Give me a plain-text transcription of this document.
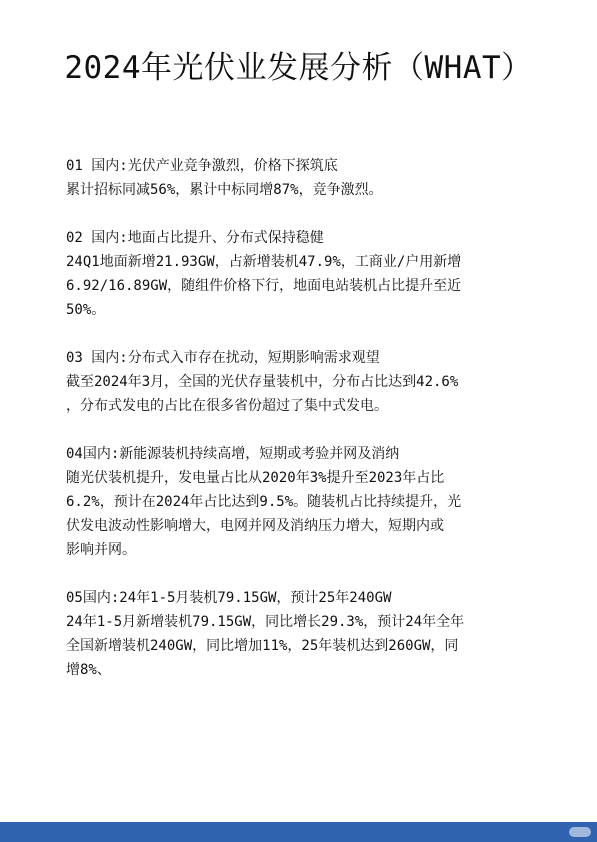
2024年光伏业发展分析（WHAT）

01 国内:光伏产业竞争激烈，价格下探筑底

累计招标同减56%，累计中标同增87%，竞争激烈。

02 国内:地面占比提升、分布式保持稳健

24Q1地面新增21.93GW，占新增装机47.9%，工商业/户用新增
6.92/16.89GW，随组件价格下行，地面电站装机占比提升至近
50%。

03 国内:分布式入市存在扰动，短期影响需求观望

截至2024年3月，全国的光伏存量装机中，分布占比达到42.6%
，分布式发电的占比在很多省份超过了集中式发电。

04国内:新能源装机持续高增，短期或考验并网及消纳

随光伏装机提升，发电量占比从2020年3%提升至2023年占比
6.2%，预计在2024年占比达到9.5%。随装机占比持续提升，光
伏发电波动性影响增大，电网并网及消纳压力增大，短期内或
影响并网。

05国内:24年1-5月装机79.15GW，预计25年240GW

24年1-5月新增装机79.15GW，同比增长29.3%，预计24年全年
全国新增装机240GW，同比增加11%，25年装机达到260GW，同
增8%、
